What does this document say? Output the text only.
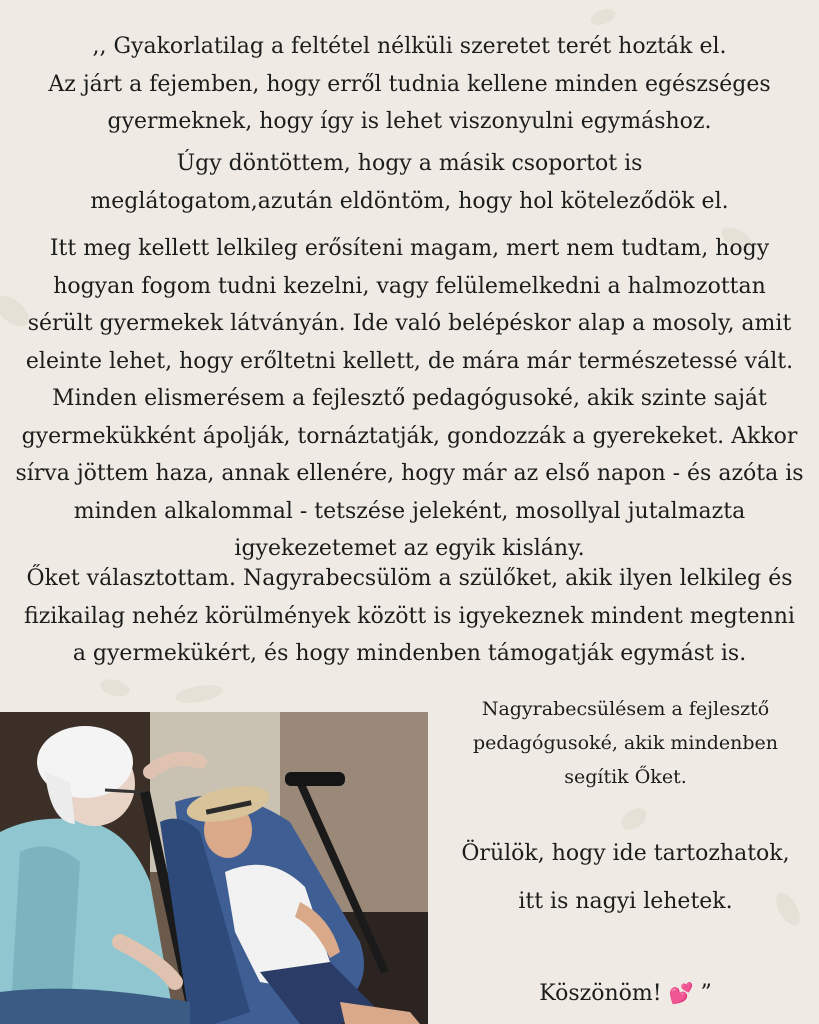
,, Gyakorlatilag a feltétel nélküli szeretet terét hozták el.
Az járt a fejemben, hogy erről tudnia kellene minden egészséges
gyermeknek, hogy így is lehet viszonyulni egymáshoz.
Úgy döntöttem, hogy a másik csoportot is
meglátogatom,azután eldöntöm, hogy hol köteleződök el.
Itt meg kellett lelkileg erősíteni magam, mert nem tudtam, hogy
hogyan fogom tudni kezelni, vagy felülemelkedni a halmozottan
sérült gyermekek látványán. Ide való belépéskor alap a mosoly, amit
eleinte lehet, hogy erőltetni kellett, de mára már természetessé vált.
Minden elismerésem a fejlesztő pedagógusoké, akik szinte saját
gyermekükként ápolják, tornáztatják, gondozzák a gyerekeket. Akkor
sírva jöttem haza, annak ellenére, hogy már az első napon - és azóta is
minden alkalommal - tetszése jeleként, mosollyal jutalmazta
igyekezetemet az egyik kislány.
Őket választottam. Nagyrabecsülöm a szülőket, akik ilyen lelkileg és
fizikailag nehéz körülmények között is igyekeznek mindent megtenni
a gyermekükért, és hogy mindenben támogatják egymást is.
Nagyrabecsülésem a fejlesztő
pedagógusoké, akik mindenben
segítik Őket.
Örülök, hogy ide tartozhatok,
itt is nagyi lehetek.
Köszönöm! 💕 ”
